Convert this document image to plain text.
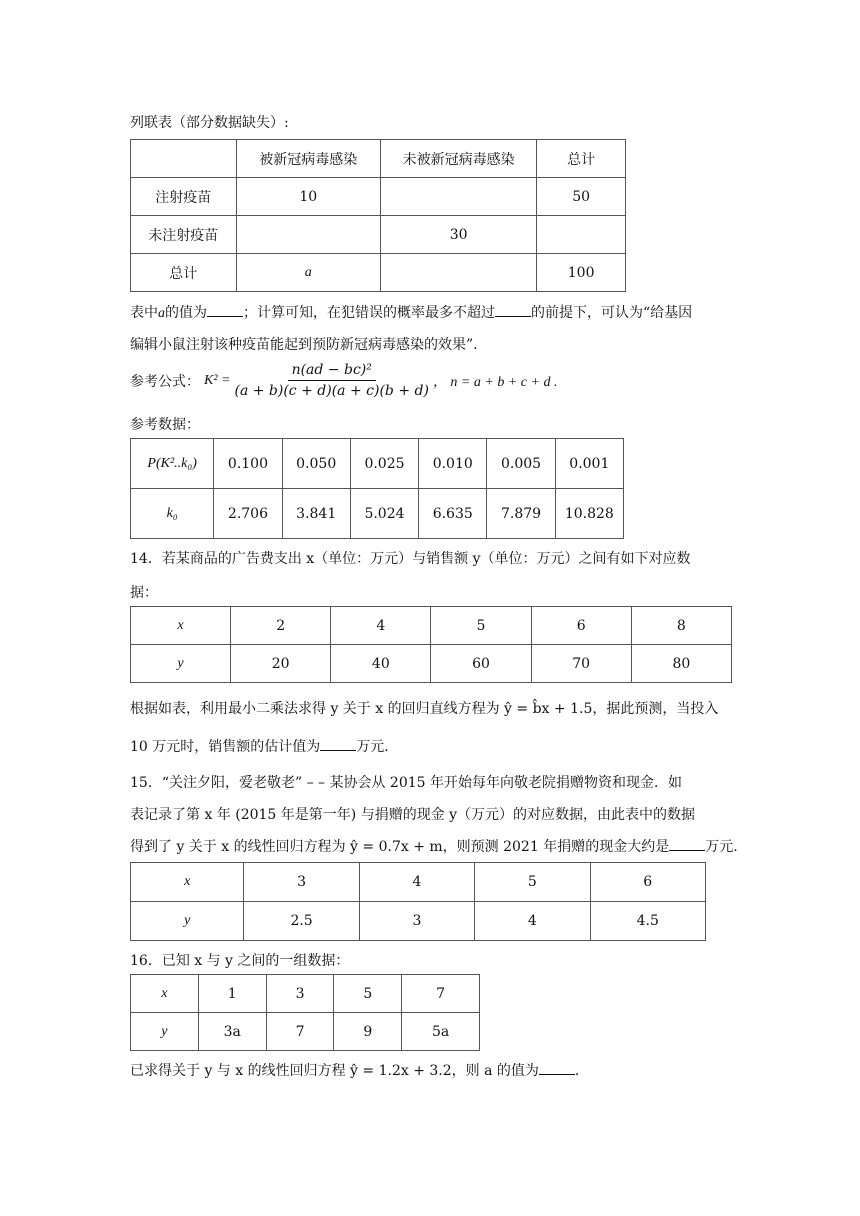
列联表（部分数据缺失）:
	被新冠病毒感染	未被新冠病毒感染	总计
注射疫苗	10		50
未注射疫苗		30	
总计	a		100
表中a的值为	；计算可知，在犯错误的概率最多不超过	的前提下，可认为“给基因
编辑小鼠注射该种疫苗能起到预防新冠病毒感染的效果”.
参考公式： $K^2 = \frac{\text{n(ad − bc)²}}{(a + b)(c + d)(a + c)(b + d)}$ ， n = a + b + c + d .
参考数据：
P(K²..k₀)	0.100	0.050	0.025	0.010	0.005	0.001
k₀	2.706	3.841	5.024	6.635	7.879	10.828
14．若某商品的广告费支出 x（单位：万元）与销售额 y（单位：万元）之间有如下对应数
据：
x	2	4	5	6	8
y	20	40	60	70	80
根据如表，利用最小二乘法求得 y 关于 x 的回归直线方程为 ŷ = b̂x + 1.5，据此预测，当投入
10 万元时，销售额的估计值为	万元.
15．“关注夕阳，爱老敬老” – – 某协会从 2015 年开始每年向敬老院捐赠物资和现金．如
表记录了第 x 年 (2015 年是第一年) 与捐赠的现金 y（万元）的对应数据，由此表中的数据
得到了 y 关于 x 的线性回归方程为 ŷ = 0.7x + m，则预测 2021 年捐赠的现金大约是	万元.
x	3	4	5	6
y	2.5	3	4	4.5
16．已知 x 与 y 之间的一组数据：
x	1	3	5	7
y	3a	7	9	5a
已求得关于 y 与 x 的线性回归方程 ŷ = 1.2x + 3.2，则 a 的值为	.
